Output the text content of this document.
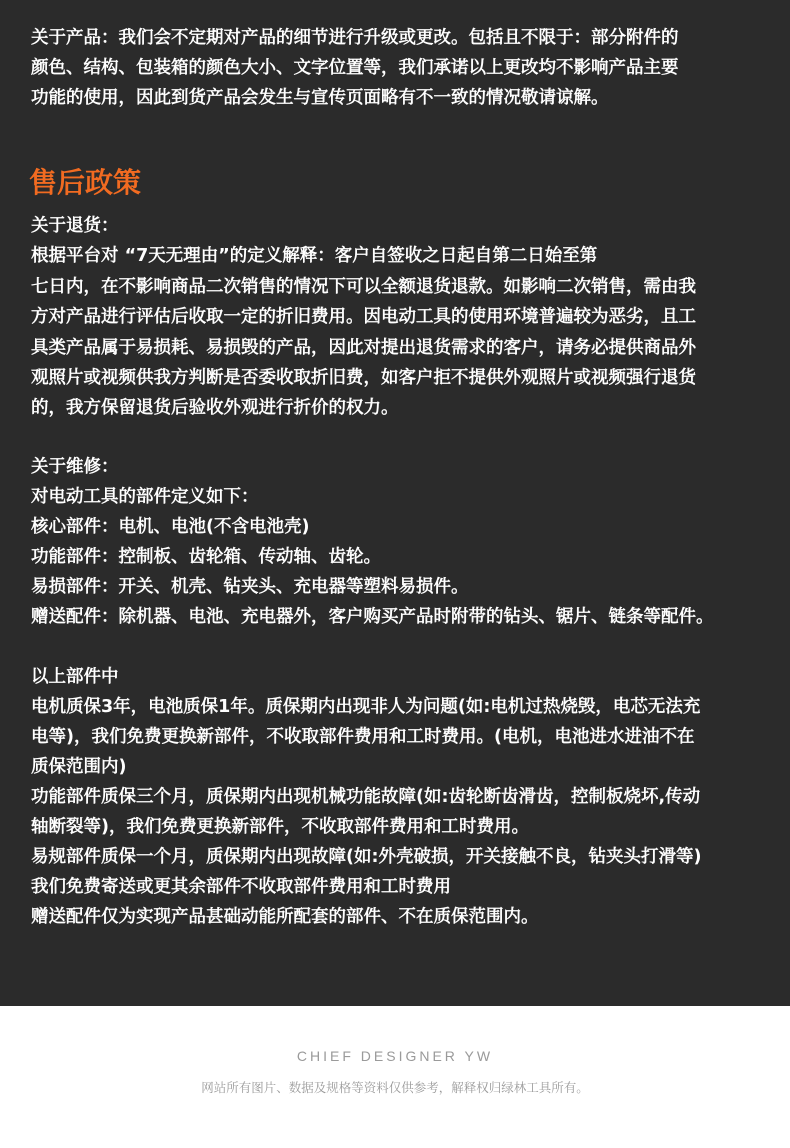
关于产品：我们会不定期对产品的细节进行升级或更改。包括且不限于：部分附件的
颜色、结构、包装箱的颜色大小、文字位置等，我们承诺以上更改均不影响产品主要
功能的使用，因此到货产品会发生与宣传页面略有不一致的情况敬请谅解。
售后政策
关于退货：
根据平台对 “7天无理由”的定义解释：客户自签收之日起自第二日始至第
七日内，在不影响商品二次销售的情况下可以全额退货退款。如影响二次销售，需由我
方对产品进行评估后收取一定的折旧费用。因电动工具的使用环境普遍较为恶劣，且工
具类产品属于易损耗、易损毁的产品，因此对提出退货需求的客户，请务必提供商品外
观照片或视频供我方判断是否委收取折旧费，如客户拒不提供外观照片或视频强行退货
的，我方保留退货后验收外观进行折价的权力。
关于维修：
对电动工具的部件定义如下：
核心部件：电机、电池(不含电池壳)
功能部件：控制板、齿轮箱、传动轴、齿轮。
易损部件：开关、机壳、钻夹头、充电器等塑料易损件。
赠送配件：除机器、电池、充电器外，客户购买产品时附带的钻头、锯片、链条等配件。
以上部件中
电机质保3年，电池质保1年。质保期内出现非人为问题(如:电机过热烧毁，电芯无法充
电等)，我们免费更换新部件，不收取部件费用和工时费用。(电机，电池进水进油不在
质保范围内)
功能部件质保三个月，质保期内出现机械功能故障(如:齿轮断齿滑齿，控制板烧坏,传动
轴断裂等)，我们免费更换新部件，不收取部件费用和工时费用。
易规部件质保一个月，质保期内出现故障(如:外壳破损，开关接触不良，钻夹头打滑等)
我们免费寄送或更其余部件不收取部件费用和工时费用
赠送配件仅为实现产品甚础动能所配套的部件、不在质保范围内。
CHIEF DESIGNER YW
网站所有图片、数据及规格等资料仅供参考，解释权归绿林工具所有。
